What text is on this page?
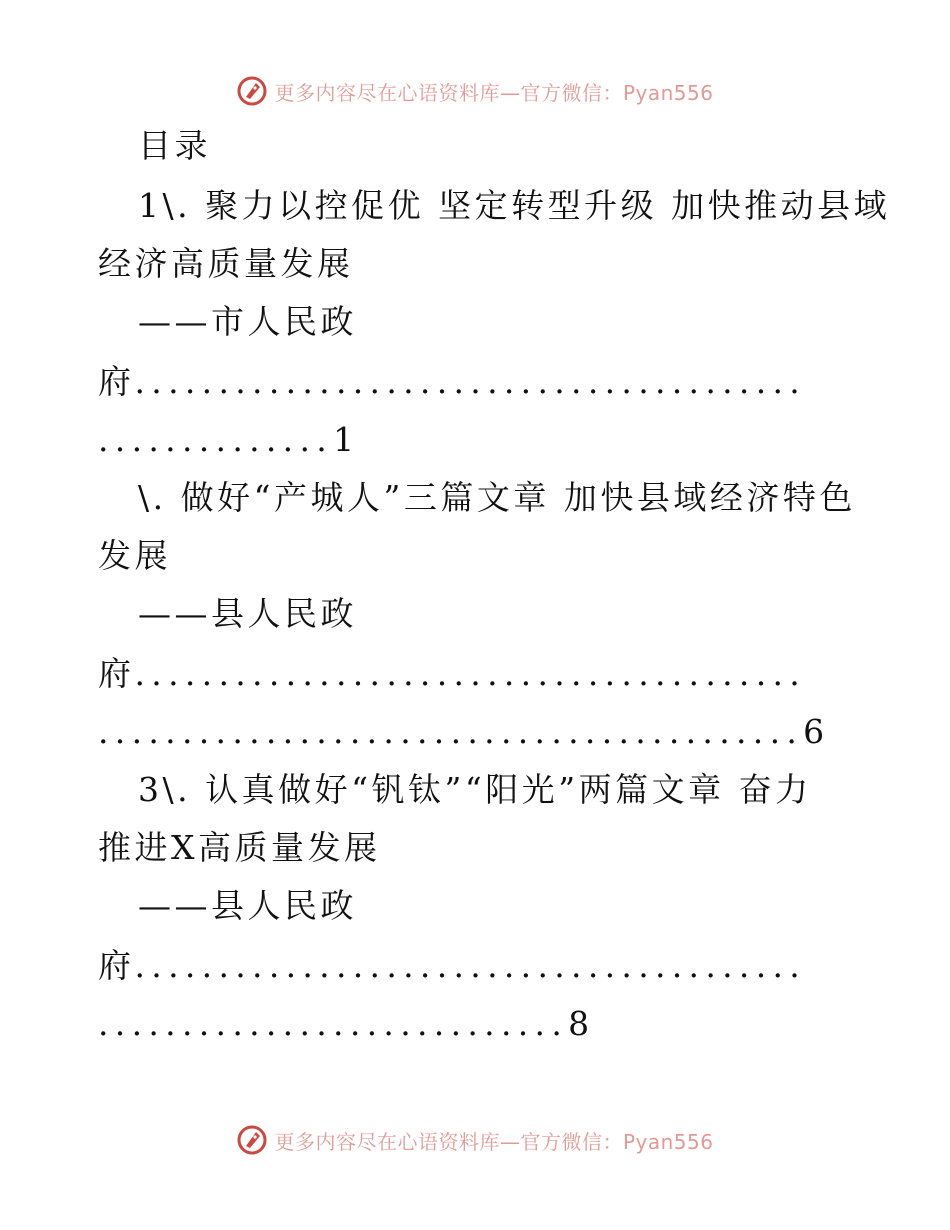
更多内容尽在心语资料库—官方微信：Pyan556
目录
1\. 聚力以控促优 坚定转型升级 加快推动县域
经济高质量发展
——市人民政
府........................................
..............1
\. 做好“产城人”三篇文章 加快县域经济特色
发展
——县人民政
府........................................
..........................................6
3\. 认真做好“钒钛”“阳光”两篇文章 奋力
推进X高质量发展
——县人民政
府........................................
............................8
更多内容尽在心语资料库—官方微信：Pyan556
